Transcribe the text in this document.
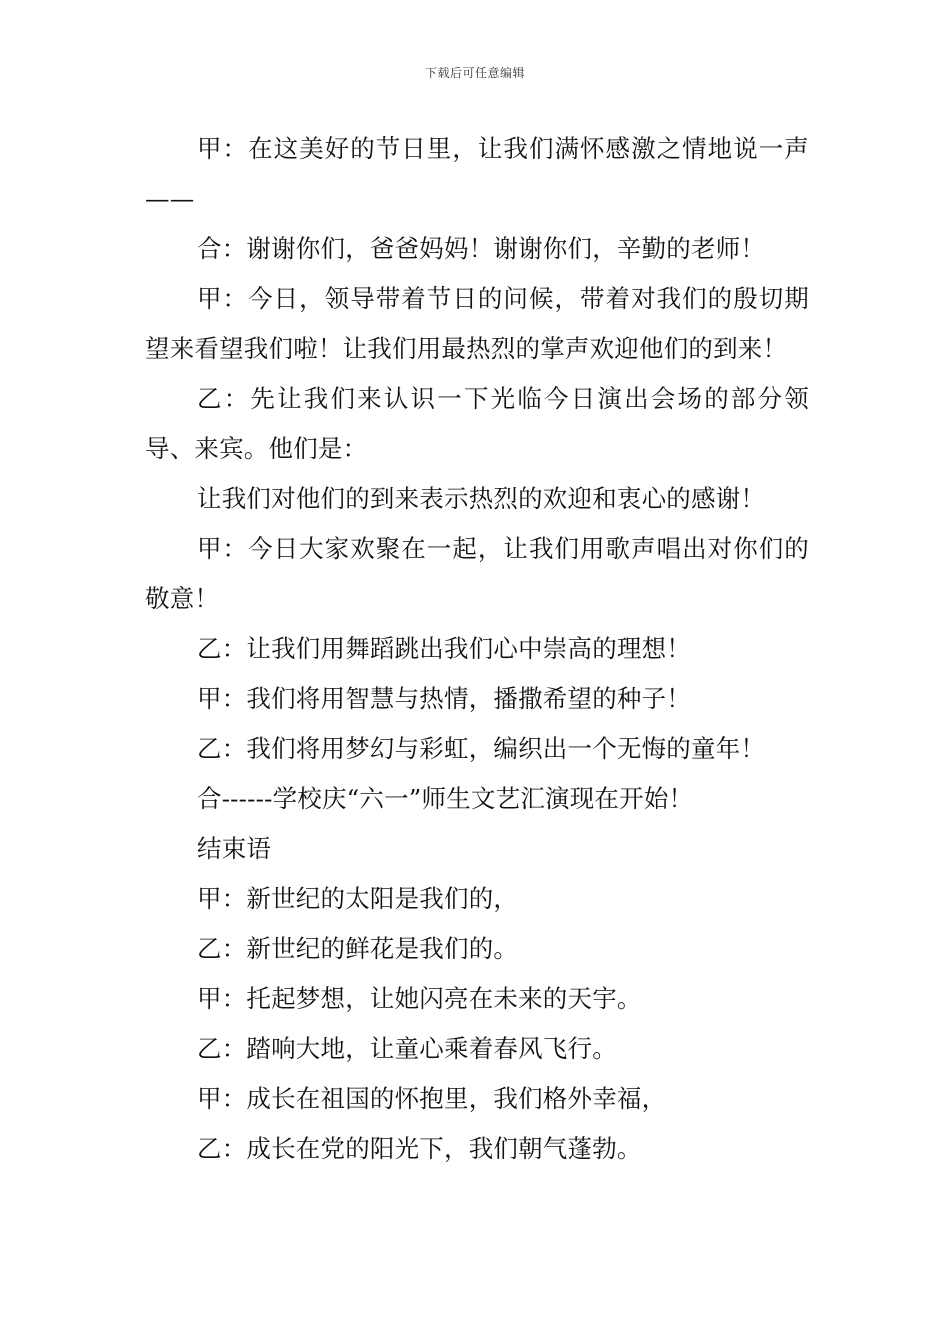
下载后可任意编辑

甲：在这美好的节日里，让我们满怀感激之情地说一声——

合：谢谢你们，爸爸妈妈！谢谢你们，辛勤的老师！

甲：今日，领导带着节日的问候，带着对我们的殷切期望来看望我们啦！让我们用最热烈的掌声欢迎他们的到来！

乙：先让我们来认识一下光临今日演出会场的部分领导、来宾。他们是：

让我们对他们的到来表示热烈的欢迎和衷心的感谢！

甲：今日大家欢聚在一起，让我们用歌声唱出对你们的敬意！

乙：让我们用舞蹈跳出我们心中崇高的理想！

甲：我们将用智慧与热情，播撒希望的种子！

乙：我们将用梦幻与彩虹，编织出一个无悔的童年！

合------学校庆“六一”师生文艺汇演现在开始！

结束语

甲：新世纪的太阳是我们的，

乙：新世纪的鲜花是我们的。

甲：托起梦想，让她闪亮在未来的天宇。

乙：踏响大地，让童心乘着春风飞行。

甲：成长在祖国的怀抱里，我们格外幸福，

乙：成长在党的阳光下，我们朝气蓬勃。
